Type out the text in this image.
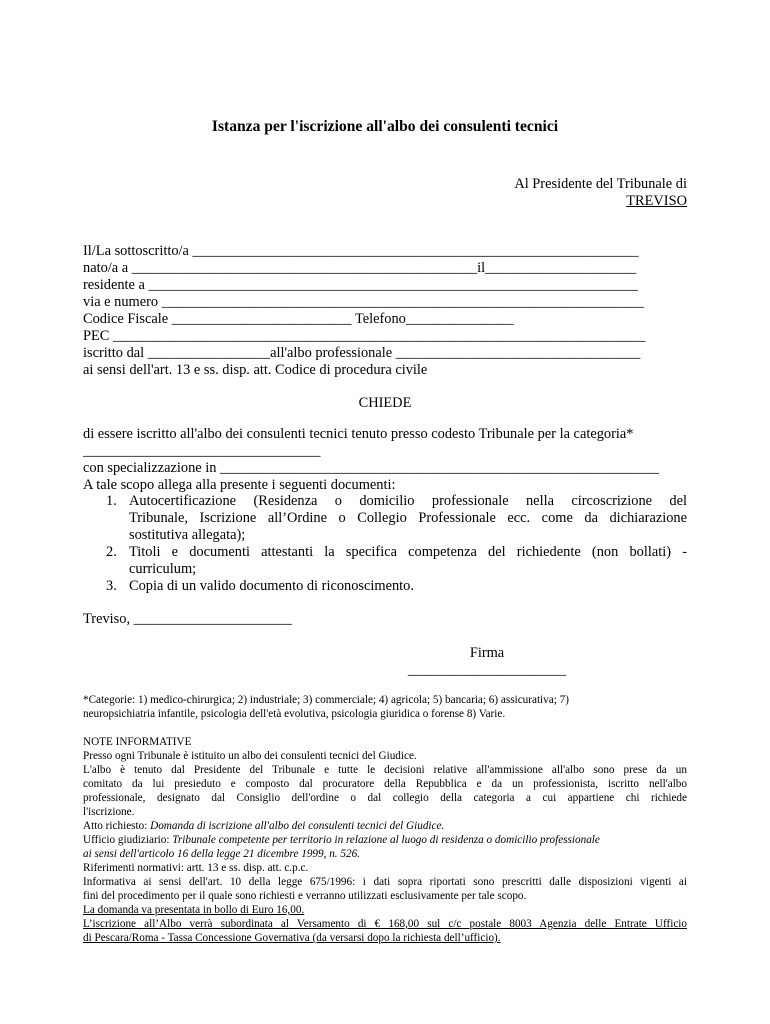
Istanza per l'iscrizione all'albo dei consulenti tecnici
Al Presidente del Tribunale di
TREVISO
Il/La sottoscritto/a ______________________________________________________________
nato/a a ________________________________________________il_____________________
residente a ____________________________________________________________________
via e numero ___________________________________________________________________
Codice Fiscale _________________________ Telefono_______________
PEC __________________________________________________________________________
iscritto dal _________________all'albo professionale __________________________________
ai sensi dell'art. 13 e ss. disp. att. Codice di procedura civile
CHIEDE
di essere iscritto all'albo dei consulenti tecnici tenuto presso codesto Tribunale per la categoria*
_________________________________
con specializzazione in _____________________________________________________________
A tale scopo allega alla presente i seguenti documenti:
1. Autocertificazione (Residenza o domicilio professionale nella circoscrizione del
Tribunale, Iscrizione all’Ordine o Collegio Professionale ecc. come da dichiarazione
sostitutiva allegata);
2. Titoli e documenti attestanti la specifica competenza del richiedente (non bollati) -
curriculum;
3. Copia di un valido documento di riconoscimento.
Treviso, ______________________
Firma
______________________
*Categorie: 1) medico-chirurgica; 2) industriale; 3) commerciale; 4) agricola; 5) bancaria; 6) assicurativa; 7)
neuropsichiatria infantile, psicologia dell'età evolutiva, psicologia giuridica o forense 8) Varie.
NOTE INFORMATIVE
Presso ogni Tribunale è istituito un albo dei consulenti tecnici del Giudice.
L'albo è tenuto dal Presidente del Tribunale e tutte le decisioni relative all'ammissione all'albo sono prese da un
comitato da lui presieduto e composto dal procuratore della Repubblica e da un professionista, iscritto nell'albo
professionale, designato dal Consiglio dell'ordine o dal collegio della categoria a cui appartiene chi richiede
l'iscrizione.
Atto richiesto: Domanda di iscrizione all'albo dei consulenti tecnici del Giudice.
Ufficio giudiziario: Tribunale competente per territorio in relazione al luogo di residenza o domicilio professionale
ai sensi dell'articolo 16 della legge 21 dicembre 1999, n. 526.
Riferimenti normativi: artt. 13 e ss. disp. att. c.p.c.
Informativa ai sensi dell'art. 10 della legge 675/1996: i dati sopra riportati sono prescritti dalle disposizioni vigenti ai
fini del procedimento per il quale sono richiesti e verranno utilizzati esclusivamente per tale scopo.
La domanda va presentata in bollo di Euro 16,00.
L’iscrizione all’Albo verrà subordinata al Versamento di € 168,00 sul c/c postale 8003 Agenzia delle Entrate Ufficio
di Pescara/Roma - Tassa Concessione Governativa (da versarsi dopo la richiesta dell’ufficio).
